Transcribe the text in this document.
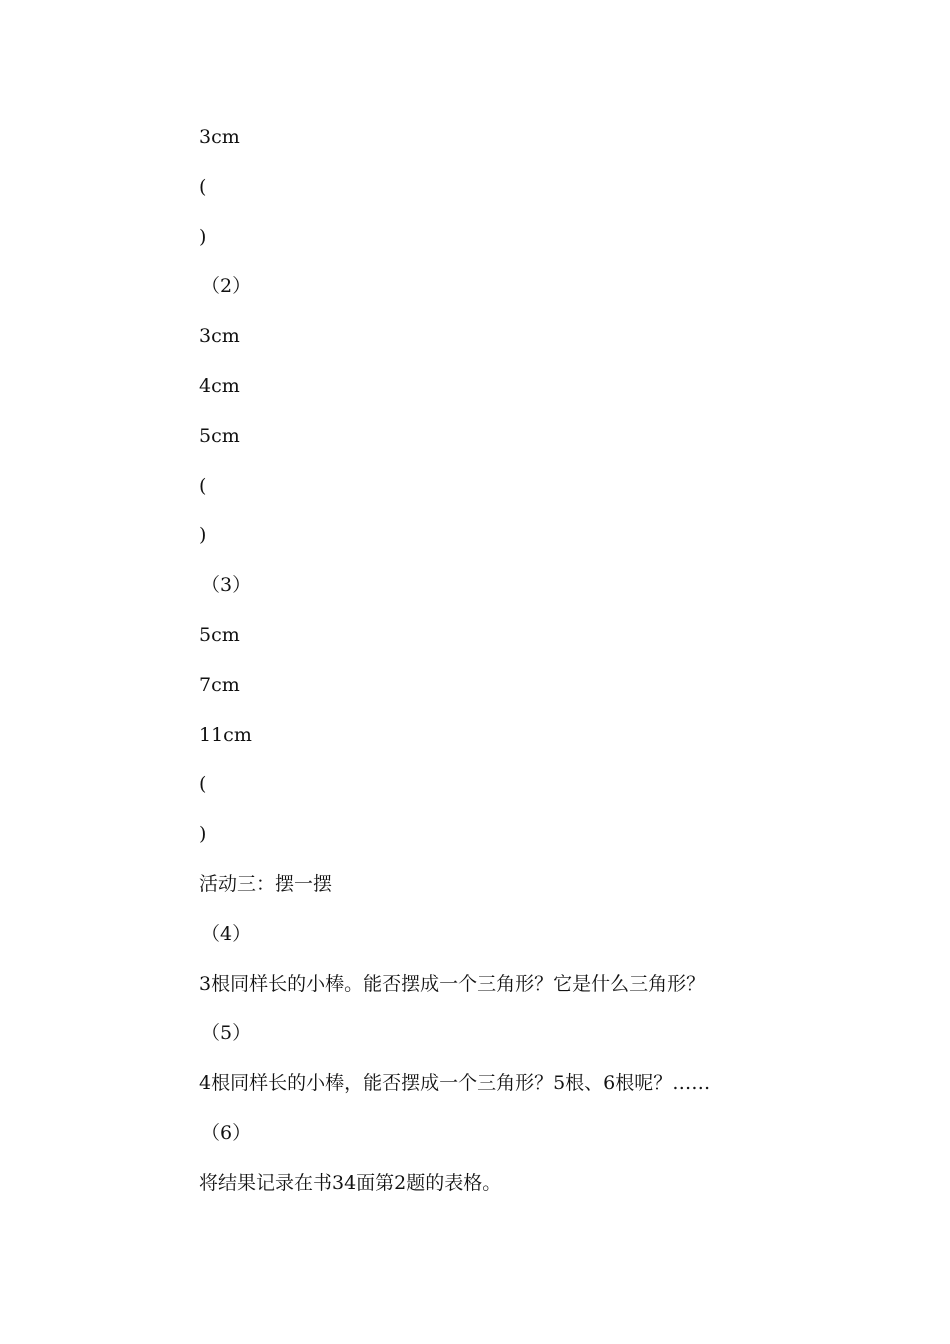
3cm
(
)
（2）
3cm
4cm
5cm
(
)
（3）
5cm
7cm
11cm
(
)
活动三：摆一摆
（4）
3根同样长的小棒。能否摆成一个三角形？它是什么三角形？
（5）
4根同样长的小棒，能否摆成一个三角形？5根、6根呢？……
（6）
将结果记录在书34面第2题的表格。
